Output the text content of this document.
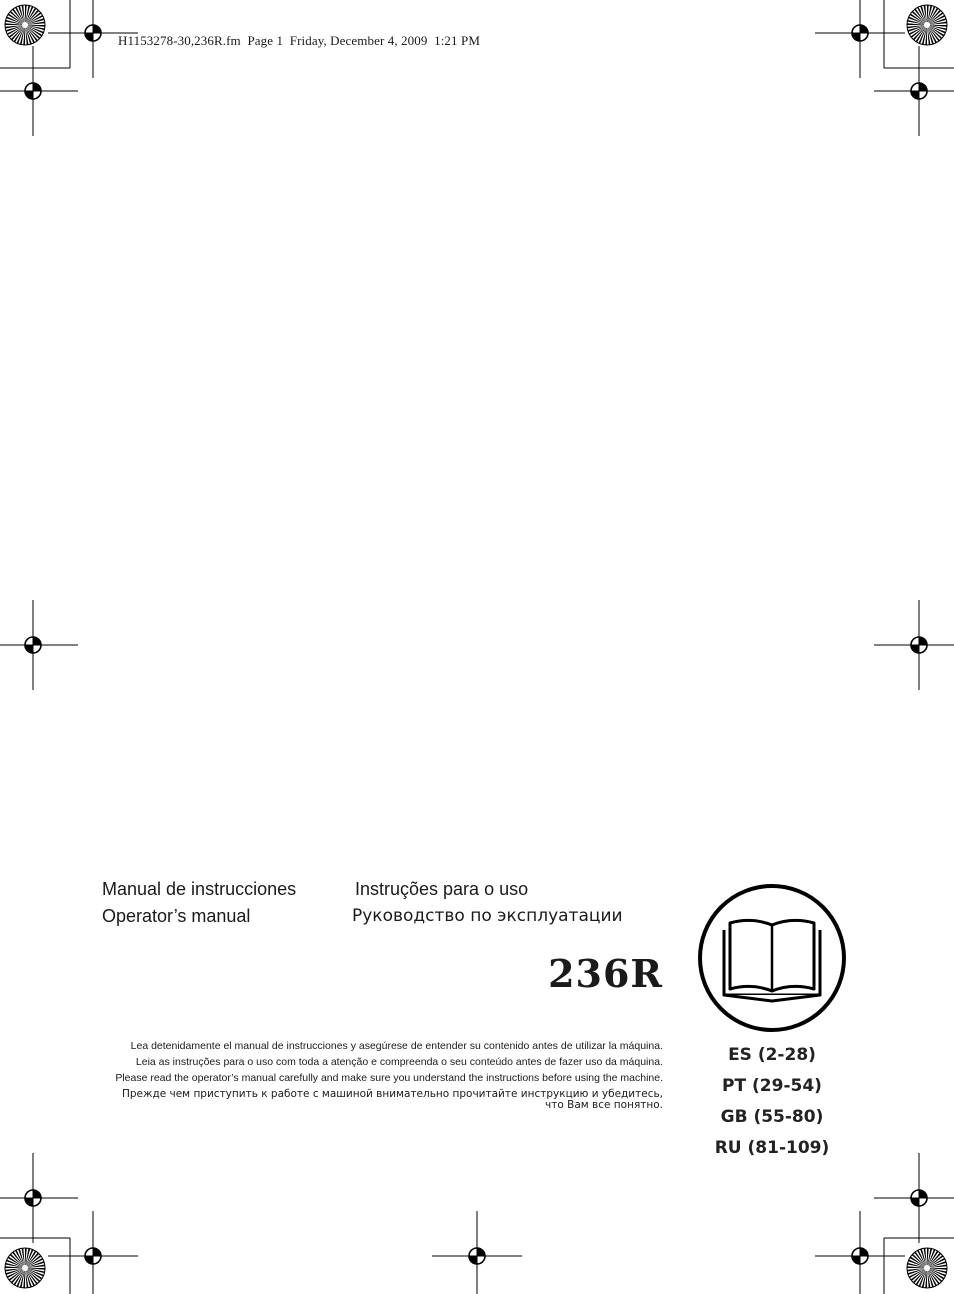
H1153278-30,236R.fm  Page 1  Friday, December 4, 2009  1:21 PM
Manual de instrucciones	Instruções para o uso
Operator’s manual	Руководство по эксплуатации
236R

Lea detenidamente el manual de instrucciones y asegúrese de entender su contenido antes de utilizar la máquina.

Leia as instruções para o uso com toda a atenção e compreenda o seu conteúdo antes de fazer uso da máquina.

Please read the operator’s manual carefully and make sure you understand the instructions before using the machine.

Прежде чем приступить к работе с машиной внимательно прочитайте инструкцию и убедитесь, что Вам все понятно.

ES (2-28)
PT (29-54)
GB (55-80)
RU (81-109)
